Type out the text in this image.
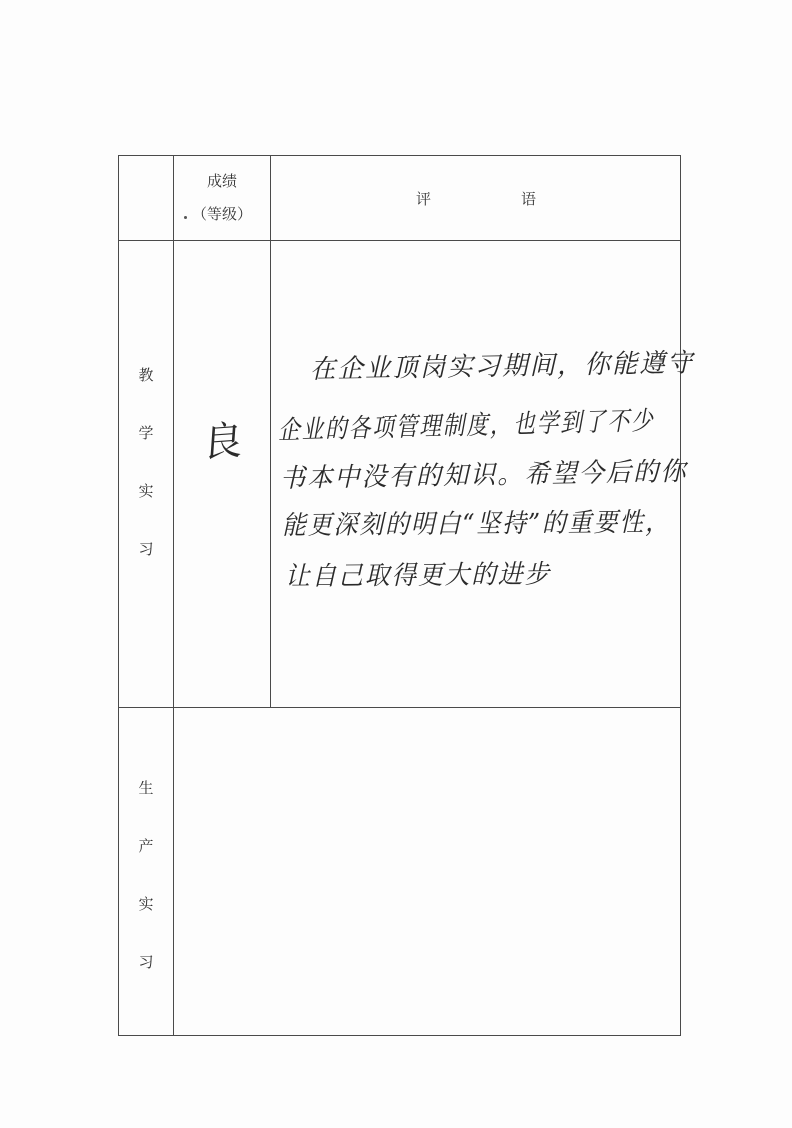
成绩
（等级）
评　　　　　　语
教
学
实
习
良
在企业顶岗实习期间，你能遵守
企业的各项管理制度，也学到了不少
书本中没有的知识。希望今后的你
能更深刻的明白“坚持”的重要性，
让自己取得更大的进步
生
产
实
习
